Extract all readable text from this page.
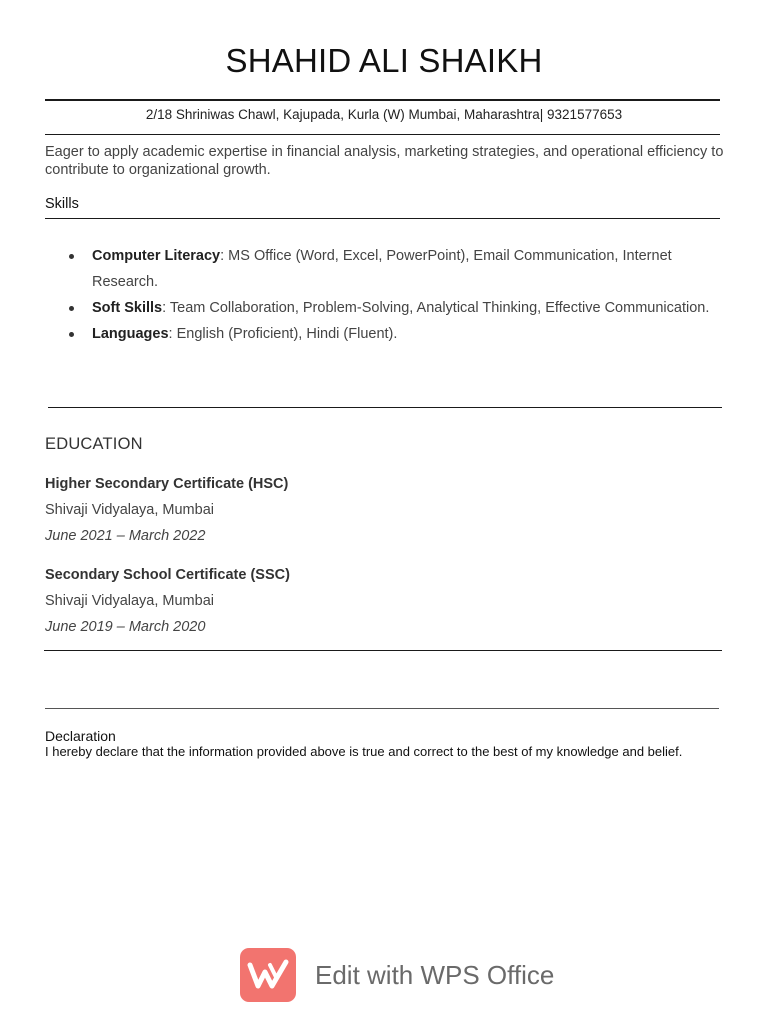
SHAHID ALI SHAIKH
2/18 Shriniwas Chawl, Kajupada, Kurla (W) Mumbai, Maharashtra| 9321577653
Eager to apply academic expertise in financial analysis, marketing strategies, and operational efficiency to contribute to organizational growth.
Skills
Computer Literacy: MS Office (Word, Excel, PowerPoint), Email Communication, Internet Research.
Soft Skills: Team Collaboration, Problem-Solving, Analytical Thinking, Effective Communication.
Languages: English (Proficient), Hindi (Fluent).
EDUCATION
Higher Secondary Certificate (HSC)
Shivaji Vidyalaya, Mumbai
June 2021 – March 2022
Secondary School Certificate (SSC)
Shivaji Vidyalaya, Mumbai
June 2019 – March 2020
Declaration
I hereby declare that the information provided above is true and correct to the best of my knowledge and belief.
Edit with WPS Office
